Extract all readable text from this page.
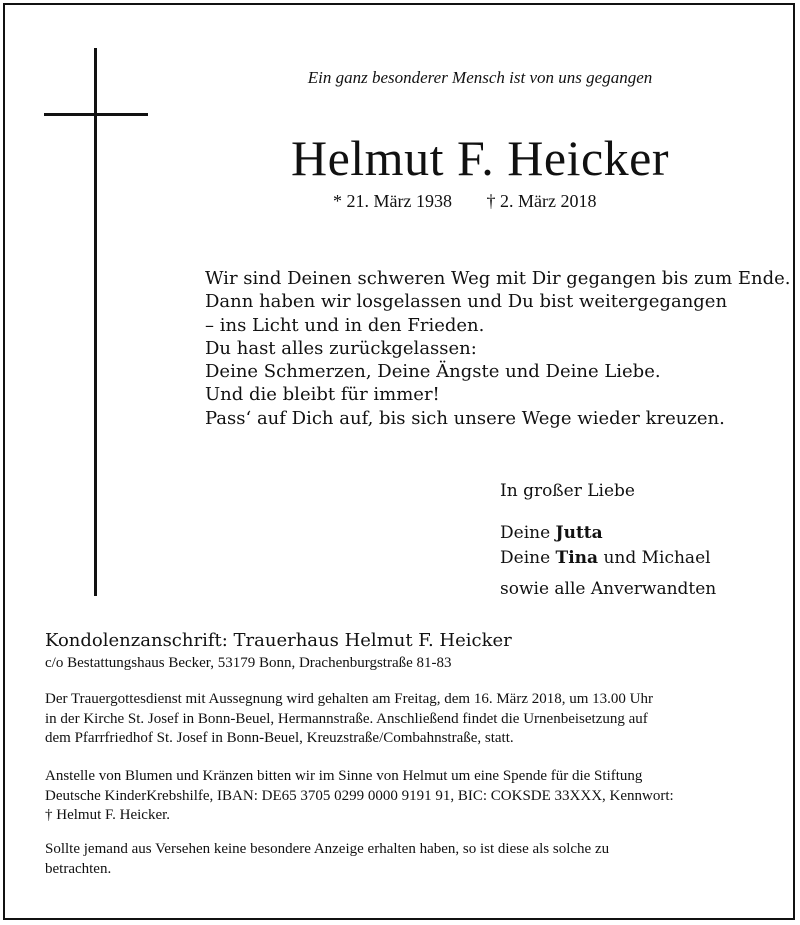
Ein ganz besonderer Mensch ist von uns gegangen
Helmut F. Heicker
* 21. März 1938 † 2. März 2018
Wir sind Deinen schweren Weg mit Dir gegangen bis zum Ende.
Dann haben wir losgelassen und Du bist weitergegangen
– ins Licht und in den Frieden.
Du hast alles zurückgelassen:
Deine Schmerzen, Deine Ängste und Deine Liebe.
Und die bleibt für immer!
Pass‘ auf Dich auf, bis sich unsere Wege wieder kreuzen.
In großer Liebe
Deine Jutta
Deine Tina und Michael
sowie alle Anverwandten
Kondolenzanschrift: Trauerhaus Helmut F. Heicker
c/o Bestattungshaus Becker, 53179 Bonn, Drachenburgstraße 81-83
Der Trauergottesdienst mit Aussegnung wird gehalten am Freitag, dem 16. März 2018, um 13.00 Uhr
in der Kirche St. Josef in Bonn-Beuel, Hermannstraße. Anschließend findet die Urnenbeisetzung auf
dem Pfarrfriedhof St. Josef in Bonn-Beuel, Kreuzstraße/Combahnstraße, statt.
Anstelle von Blumen und Kränzen bitten wir im Sinne von Helmut um eine Spende für die Stiftung
Deutsche KinderKrebshilfe, IBAN: DE65 3705 0299 0000 9191 91, BIC: COKSDE 33XXX, Kennwort:
† Helmut F. Heicker.
Sollte jemand aus Versehen keine besondere Anzeige erhalten haben, so ist diese als solche zu
betrachten.
